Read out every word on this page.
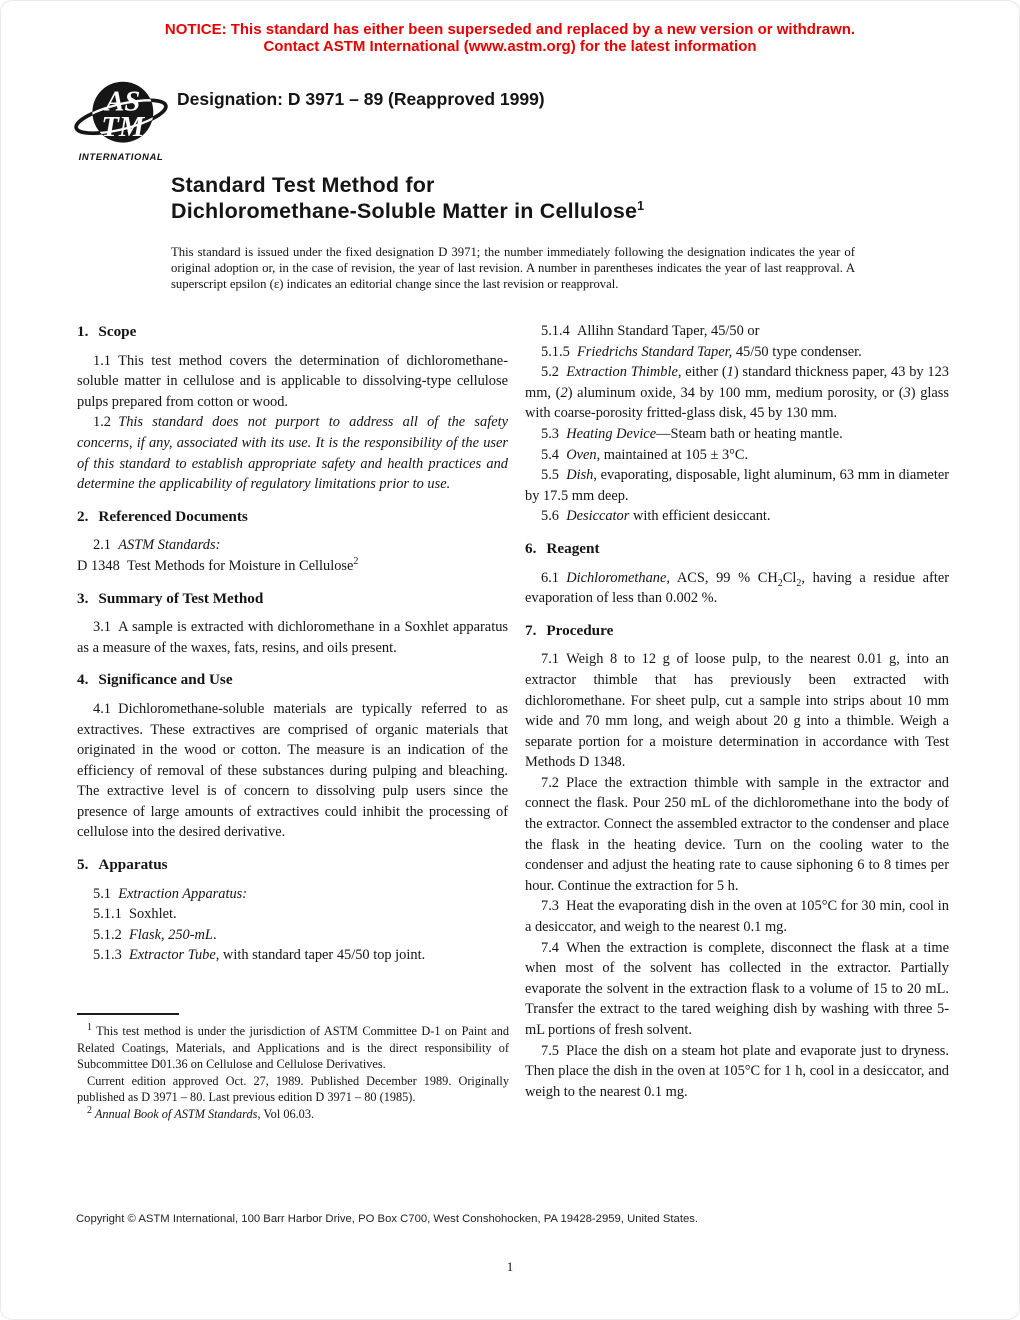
NOTICE: This standard has either been superseded and replaced by a new version or withdrawn.
Contact ASTM International (www.astm.org) for the latest information
AS
TM
INTERNATIONAL
Designation: D 3971 – 89 (Reapproved 1999)
Standard Test Method for
Dichloromethane-Soluble Matter in Cellulose$^1$

This standard is issued under the fixed designation D 3971; the number immediately following the designation indicates the year of original adoption or, in the case of revision, the year of last revision. A number in parentheses indicates the year of last reapproval. A superscript epsilon (ε) indicates an editorial change since the last revision or reapproval.

1. Scope

1.1 This test method covers the determination of dichloromethane-soluble matter in cellulose and is applicable to dissolving-type cellulose pulps prepared from cotton or wood.

1.2 This standard does not purport to address all of the safety concerns, if any, associated with its use. It is the responsibility of the user of this standard to establish appropriate safety and health practices and determine the applicability of regulatory limitations prior to use.

2. Referenced Documents

2.1 ASTM Standards:

D 1348 Test Methods for Moisture in Cellulose$^2$

3. Summary of Test Method

3.1 A sample is extracted with dichloromethane in a Soxhlet apparatus as a measure of the waxes, fats, resins, and oils present.

4. Significance and Use

4.1 Dichloromethane-soluble materials are typically referred to as extractives. These extractives are comprised of organic materials that originated in the wood or cotton. The measure is an indication of the efficiency of removal of these substances during pulping and bleaching. The extractive level is of concern to dissolving pulp users since the presence of large amounts of extractives could inhibit the processing of cellulose into the desired derivative.

5. Apparatus

5.1 Extraction Apparatus:

5.1.1 Soxhlet.

5.1.2 Flask, 250-mL.

5.1.3 Extractor Tube, with standard taper 45/50 top joint.

5.1.4 Allihn Standard Taper, 45/50 or

5.1.5 Friedrichs Standard Taper, 45/50 type condenser.

5.2 Extraction Thimble, either (1) standard thickness paper, 43 by 123 mm, (2) aluminum oxide, 34 by 100 mm, medium porosity, or (3) glass with coarse-porosity fritted-glass disk, 45 by 130 mm.

5.3 Heating Device—Steam bath or heating mantle.

5.4 Oven, maintained at 105 ± 3°C.

5.5 Dish, evaporating, disposable, light aluminum, 63 mm in diameter by 17.5 mm deep.

5.6 Desiccator with efficient desiccant.

6. Reagent

6.1 Dichloromethane, ACS, 99 % $CH_2Cl_2$, having a residue after evaporation of less than 0.002 %.

7. Procedure

7.1 Weigh 8 to 12 g of loose pulp, to the nearest 0.01 g, into an extractor thimble that has previously been extracted with dichloromethane. For sheet pulp, cut a sample into strips about 10 mm wide and 70 mm long, and weigh about 20 g into a thimble. Weigh a separate portion for a moisture determination in accordance with Test Methods D 1348.

7.2 Place the extraction thimble with sample in the extractor and connect the flask. Pour 250 mL of the dichloromethane into the body of the extractor. Connect the assembled extractor to the condenser and place the flask in the heating device. Turn on the cooling water to the condenser and adjust the heating rate to cause siphoning 6 to 8 times per hour. Continue the extraction for 5 h.

7.3 Heat the evaporating dish in the oven at 105°C for 30 min, cool in a desiccator, and weigh to the nearest 0.1 mg.

7.4 When the extraction is complete, disconnect the flask at a time when most of the solvent has collected in the extractor. Partially evaporate the solvent in the extraction flask to a volume of 15 to 20 mL. Transfer the extract to the tared weighing dish by washing with three 5-mL portions of fresh solvent.

7.5 Place the dish on a steam hot plate and evaporate just to dryness. Then place the dish in the oven at 105°C for 1 h, cool in a desiccator, and weigh to the nearest 0.1 mg.

$^1$ This test method is under the jurisdiction of ASTM Committee D-1 on Paint and Related Coatings, Materials, and Applications and is the direct responsibility of Subcommittee D01.36 on Cellulose and Cellulose Derivatives.

Current edition approved Oct. 27, 1989. Published December 1989. Originally published as D 3971 – 80. Last previous edition D 3971 – 80 (1985).

$^2$ Annual Book of ASTM Standards, Vol 06.03.

Copyright © ASTM International, 100 Barr Harbor Drive, PO Box C700, West Conshohocken, PA 19428-2959, United States.
1
